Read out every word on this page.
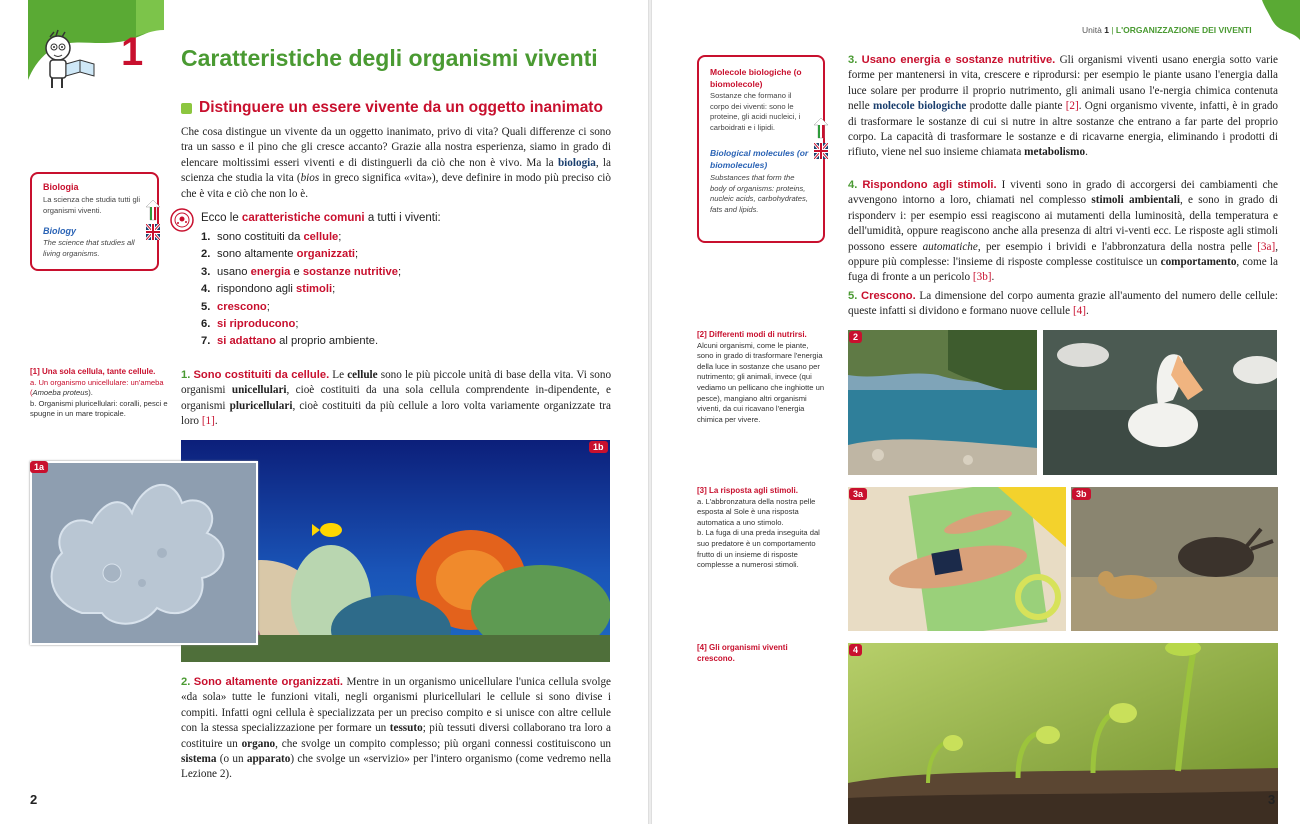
1 Caratteristiche degli organismi viventi
Distinguere un essere vivente da un oggetto inanimato
Che cosa distingue un vivente da un oggetto inanimato, privo di vita? Quali differenze ci sono tra un sasso e il pino che gli cresce accanto? Grazie alla nostra esperienza, siamo in grado di elencare moltissimi esseri viventi e di distinguerli da ciò che non è vivo. Ma la biologia, la scienza che studia la vita (bios in greco significa «vita»), deve definire in modo più preciso ciò che è vita e ciò che non lo è.
Biologia
La scienza che studia tutti gli organismi viventi.
Biology
The science that studies all living organisms.
Ecco le caratteristiche comuni a tutti i viventi:
1. sono costituiti da cellule;
2. sono altamente organizzati;
3. usano energia e sostanze nutritive;
4. rispondono agli stimoli;
5. crescono;
6. si riproducono;
7. si adattano al proprio ambiente.
[1] Una sola cellula, tante cellule.
a. Un organismo unicellulare: un'ameba (Amoeba proteus).
b. Organismi pluricellulari: coralli, pesci e spugne in un mare tropicale.
1. Sono costituiti da cellule. Le cellule sono le più piccole unità di base della vita. Vi sono organismi unicellulari, cioè costituiti da una sola cellula comprendente in-dipendente, e organismi pluricellulari, cioè costituiti da più cellule a loro volta variamente organizzate tra loro [1].
1b
1a
2. Sono altamente organizzati. Mentre in un organismo unicellulare l'unica cellula svolge «da sola» tutte le funzioni vitali, negli organismi pluricellulari le cellule si sono divise i compiti. Infatti ogni cellula è specializzata per un preciso compito e si unisce con altre cellule con la stessa specializzazione per formare un tessuto; più tessuti diversi collaborano tra loro a costituire un organo, che svolge un compito complesso; più organi connessi costituiscono un sistema (o un apparato) che svolge un «servizio» per l'intero organismo (come vedremo nella Lezione 2).
2
Unità 1 | L'ORGANIZZAZIONE DEI VIVENTI
Molecole biologiche (o biomolecole)
Sostanze che formano il corpo dei viventi: sono le proteine, gli acidi nucleici, i carboidrati e i lipidi.
Biological molecules (or biomolecules)
Substances that form the body of organisms: proteins, nucleic acids, carbohydrates, fats and lipids.
3. Usano energia e sostanze nutritive. Gli organismi viventi usano energia sotto varie forme per mantenersi in vita, crescere e riprodursi: per esempio le piante usano l'energia dalla luce solare per produrre il proprio nutrimento, gli animali usano l'e-nergia chimica contenuta nelle molecole biologiche prodotte dalle piante [2]. Ogni organismo vivente, infatti, è in grado di trasformare le sostanze di cui si nutre in altre sostanze che entrano a far parte del proprio corpo. La capacità di trasformare le sostanze e di ricavarne energia, eliminando i prodotti di rifiuto, viene nel suo insieme chiamata metabolismo.
4. Rispondono agli stimoli. I viventi sono in grado di accorgersi dei cambiamenti che avvengono intorno a loro, chiamati nel complesso stimoli ambientali, e sono in grado di risponderv i: per esempio essi reagiscono ai mutamenti della luminosità, della temperatura e dell'umidità, oppure reagiscono anche alla presenza di altri vi-venti ecc. Le risposte agli stimoli possono essere automatiche, per esempio i brividi e l'abbronzatura della nostra pelle [3a], oppure più complesse: l'insieme di risposte complesse costituisce un comportamento, come la fuga di fronte a un pericolo [3b].
5. Crescono. La dimensione del corpo aumenta grazie all'aumento del numero delle cellule: queste infatti si dividono e formano nuove cellule [4].
[2] Differenti modi di nutrirsi.
Alcuni organismi, come le piante, sono in grado di trasformare l'energia della luce in sostanze che usano per nutrimento; gli animali, invece (qui vediamo un pellicano che inghiotte un pesce), mangiano altri organismi viventi, da cui ricavano l'energia chimica per vivere.
[3] La risposta agli stimoli.
a. L'abbronzatura della nostra pelle esposta al Sole è una risposta automatica a uno stimolo.
b. La fuga di una preda inseguita dal suo predatore è un comportamento frutto di un insieme di risposte complesse a numerosi stimoli.
[4] Gli organismi viventi crescono.
2
3a	3b
4
3
